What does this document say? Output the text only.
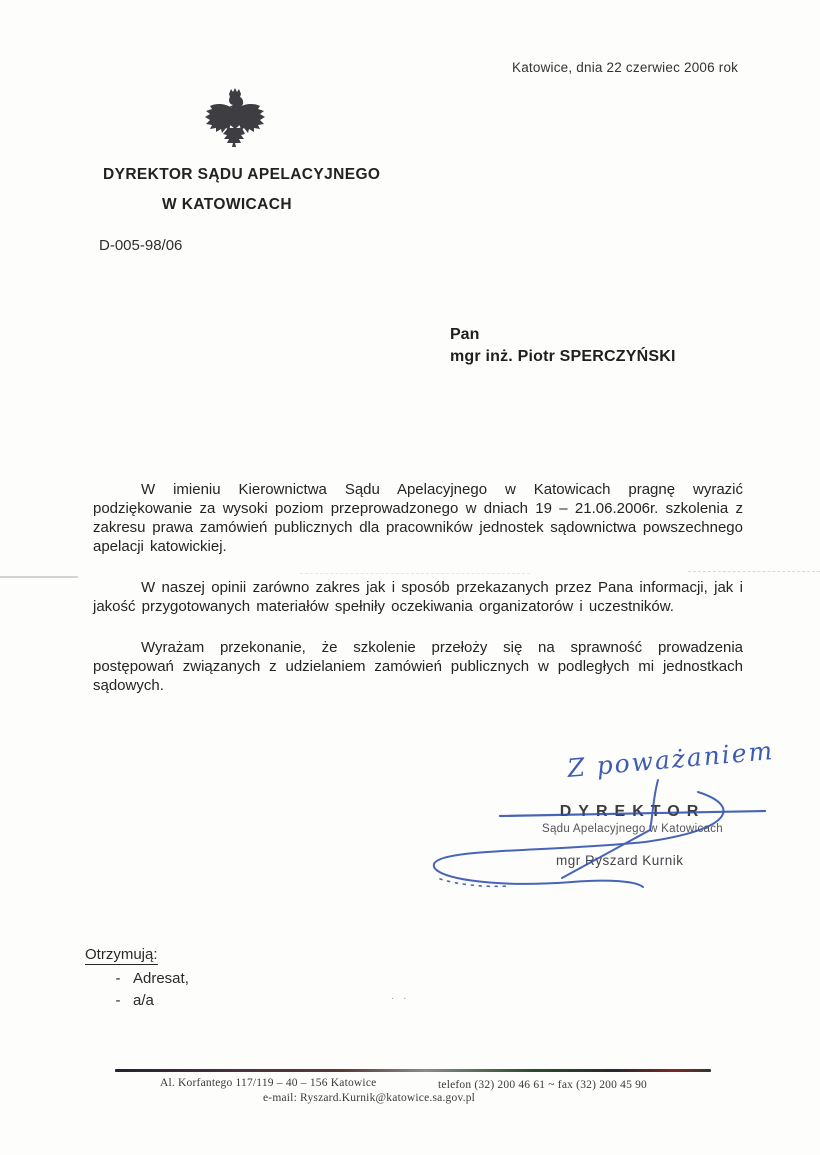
Katowice, dnia 22 czerwiec 2006 rok
DYREKTOR SĄDU APELACYJNEGO
W KATOWICACH
D-005-98/06
Pan
mgr inż. Piotr SPERCZYŃSKI

W imieniu Kierownictwa Sądu Apelacyjnego w Katowicach pragnę wyrazić podziękowanie za wysoki poziom przeprowadzonego w dniach 19 – 21.06.2006r. szkolenia z zakresu prawa zamówień publicznych dla pracowników jednostek sądownictwa powszechnego apelacji katowickiej.

W naszej opinii zarówno zakres jak i sposób przekazanych przez Pana informacji, jak i jakość przygotowanych materiałów spełniły oczekiwania organizatorów i uczestników.

Wyrażam przekonanie, że szkolenie przełoży się na sprawność prowadzenia postępowań związanych z udzielaniem zamówień publicznych w podległych mi jednostkach sądowych.

Z poważaniem
DYREKTOR
Sądu Apelacyjnego w Katowicach
mgr Ryszard Kurnik
Otrzymują:
- Adresat,
- a/a	· ·
Al. Korfantego 117/119 – 40 – 156 Katowice	telefon (32) 200 46 61 ~ fax (32) 200 45 90
e-mail: Ryszard.Kurnik@katowice.sa.gov.pl
